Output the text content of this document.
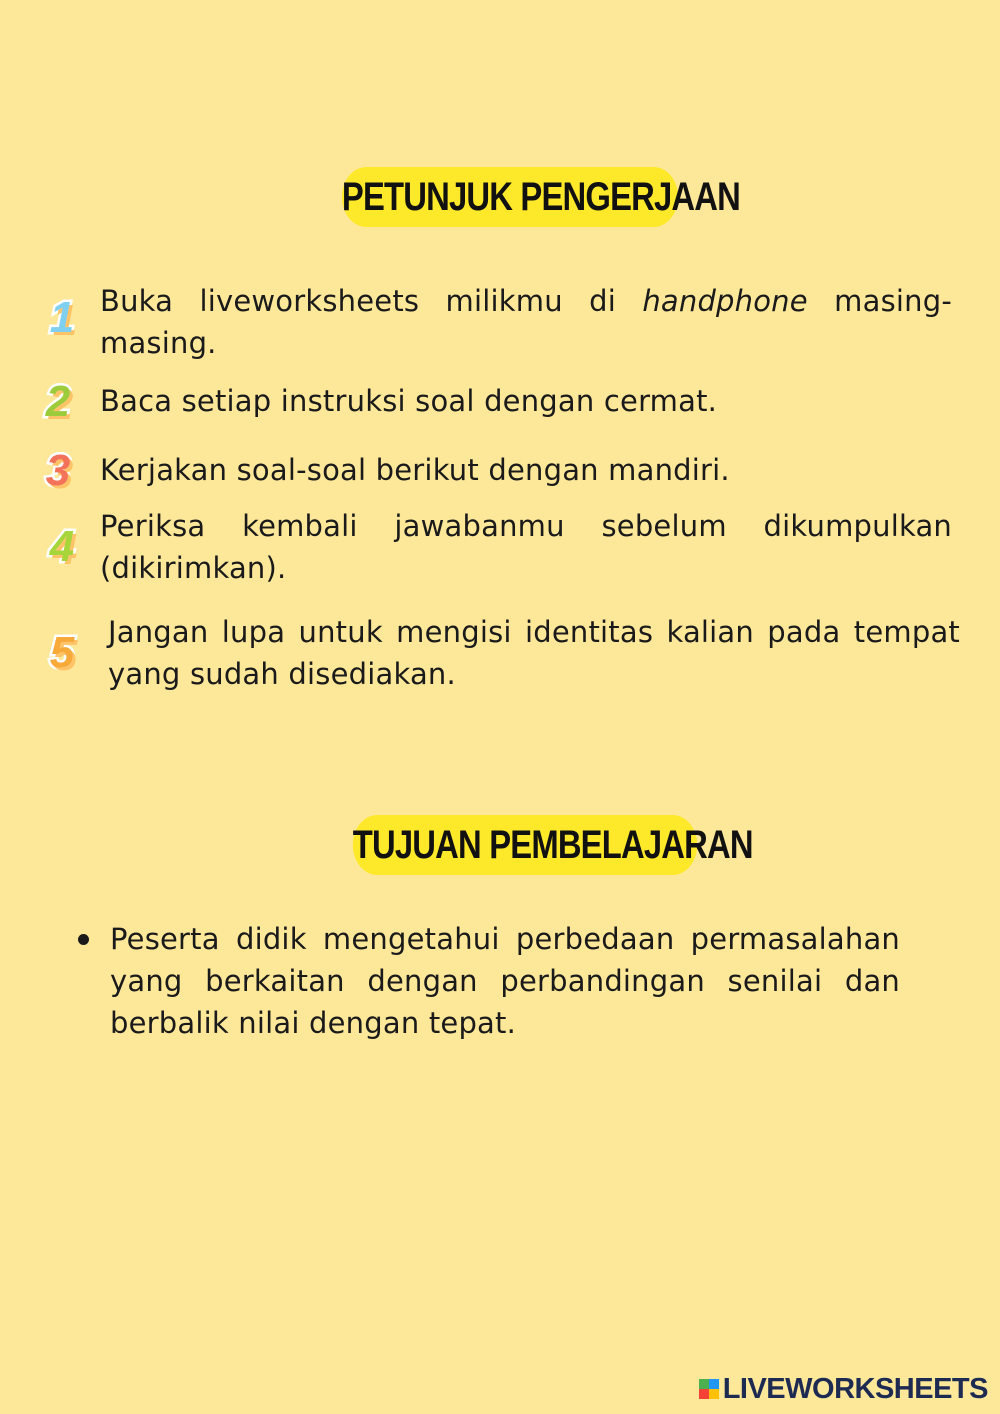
PETUNJUK PENGERJAAN
1 Buka liveworksheets milikmu di handphone masing-masing.
2	Baca setiap instruksi soal dengan cermat.
3	Kerjakan soal-soal berikut dengan mandiri.
4 Periksa kembali jawabanmu sebelum dikumpulkan (dikirimkan).
5	Jangan lupa untuk mengisi identitas kalian pada tempat yang sudah disediakan.
TUJUAN PEMBELAJARAN
Peserta didik mengetahui perbedaan permasalahan yang berkaitan dengan perbandingan senilai dan berbalik nilai dengan tepat.
LIVEWORKSHEETS
